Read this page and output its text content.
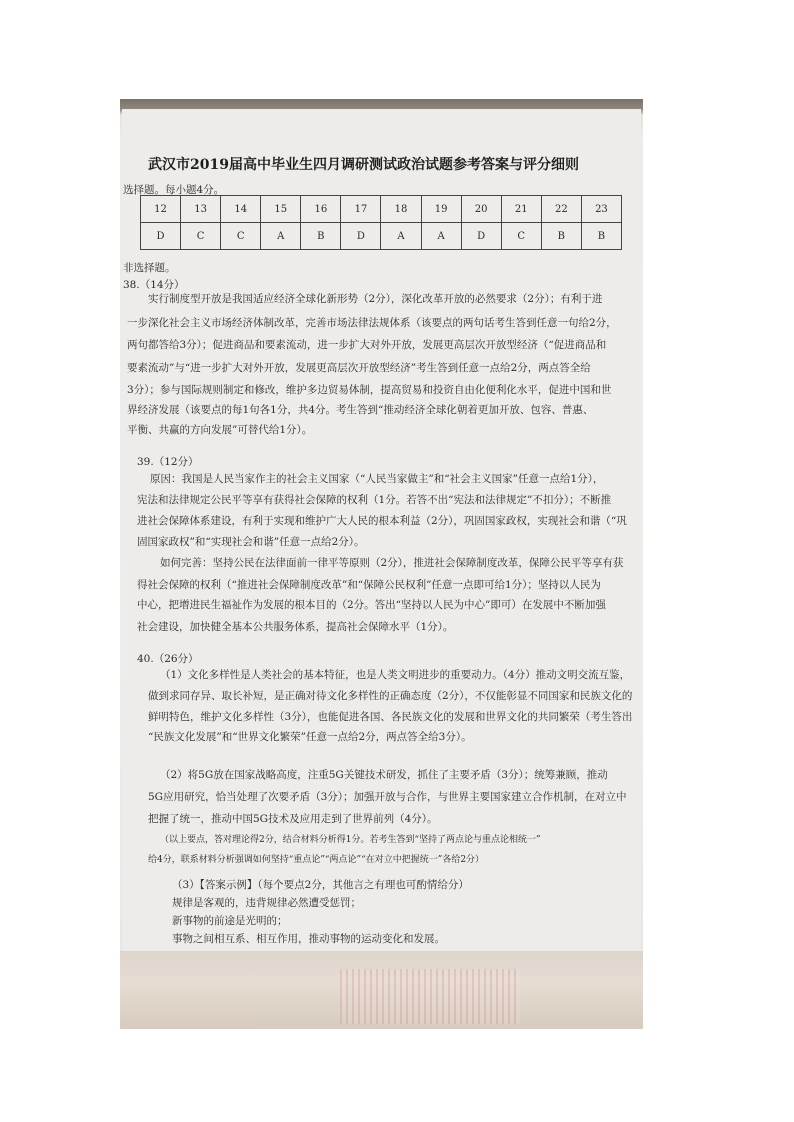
武汉市2019届高中毕业生四月调研测试政治试题参考答案与评分细则
选择题。每小题4分。
12	13	14	15	16	17	18	19	20	21	22	23
D	C	C	A	B	D	A	A	D	C	B	B
非选择题。
38.（14分）
实行制度型开放是我国适应经济全球化新形势（2分），深化改革开放的必然要求（2分）；有利于进
一步深化社会主义市场经济体制改革，完善市场法律法规体系（该要点的两句话考生答到任意一句给2分，
两句都答给3分）；促进商品和要素流动，进一步扩大对外开放，发展更高层次开放型经济（“促进商品和
要素流动”与“进一步扩大对外开放，发展更高层次开放型经济”考生答到任意一点给2分，两点答全给
3分）；参与国际规则制定和修改，维护多边贸易体制，提高贸易和投资自由化便利化水平，促进中国和世
界经济发展（该要点的每1句各1分，共4分。考生答到“推动经济全球化朝着更加开放、包容、普惠、
平衡、共赢的方向发展”可替代给1分）。
39.（12分）
原因：我国是人民当家作主的社会主义国家（“人民当家做主”和“社会主义国家”任意一点给1分），
宪法和法律规定公民平等享有获得社会保障的权利（1分。若答不出“宪法和法律规定”不扣分）；不断推
进社会保障体系建设，有利于实现和维护广大人民的根本利益（2分），巩固国家政权，实现社会和谐（“巩
固国家政权”和“实现社会和谐”任意一点给2分）。
如何完善：坚持公民在法律面前一律平等原则（2分），推进社会保障制度改革，保障公民平等享有获
得社会保障的权利（“推进社会保障制度改革”和“保障公民权利”任意一点即可给1分）；坚持以人民为
中心，把增进民生福祉作为发展的根本目的（2分。答出“坚持以人民为中心”即可）在发展中不断加强
社会建设，加快健全基本公共服务体系，提高社会保障水平（1分）。
40.（26分）
（1）文化多样性是人类社会的基本特征，也是人类文明进步的重要动力。（4分）推动文明交流互鉴，
做到求同存异、取长补短，是正确对待文化多样性的正确态度（2分），不仅能彰显不同国家和民族文化的
鲜明特色，维护文化多样性（3分），也能促进各国、各民族文化的发展和世界文化的共同繁荣（考生答出
“民族文化发展”和“世界文化繁荣”任意一点给2分，两点答全给3分）。
（2）将5G放在国家战略高度，注重5G关键技术研发，抓住了主要矛盾（3分）；统筹兼顾，推动
5G应用研究，恰当处理了次要矛盾（3分）；加强开放与合作，与世界主要国家建立合作机制，在对立中
把握了统一，推动中国5G技术及应用走到了世界前列（4分）。
（以上要点，答对理论得2分，结合材料分析得1分。若考生答到“坚持了两点论与重点论相统一”
给4分，联系材料分析强调如何坚持“重点论”“两点论”“在对立中把握统一”各给2分）
（3）【答案示例】（每个要点2分，其他言之有理也可酌情给分）
规律是客观的，违背规律必然遭受惩罚；
新事物的前途是光明的；
事物之间相互系、相互作用，推动事物的运动变化和发展。
